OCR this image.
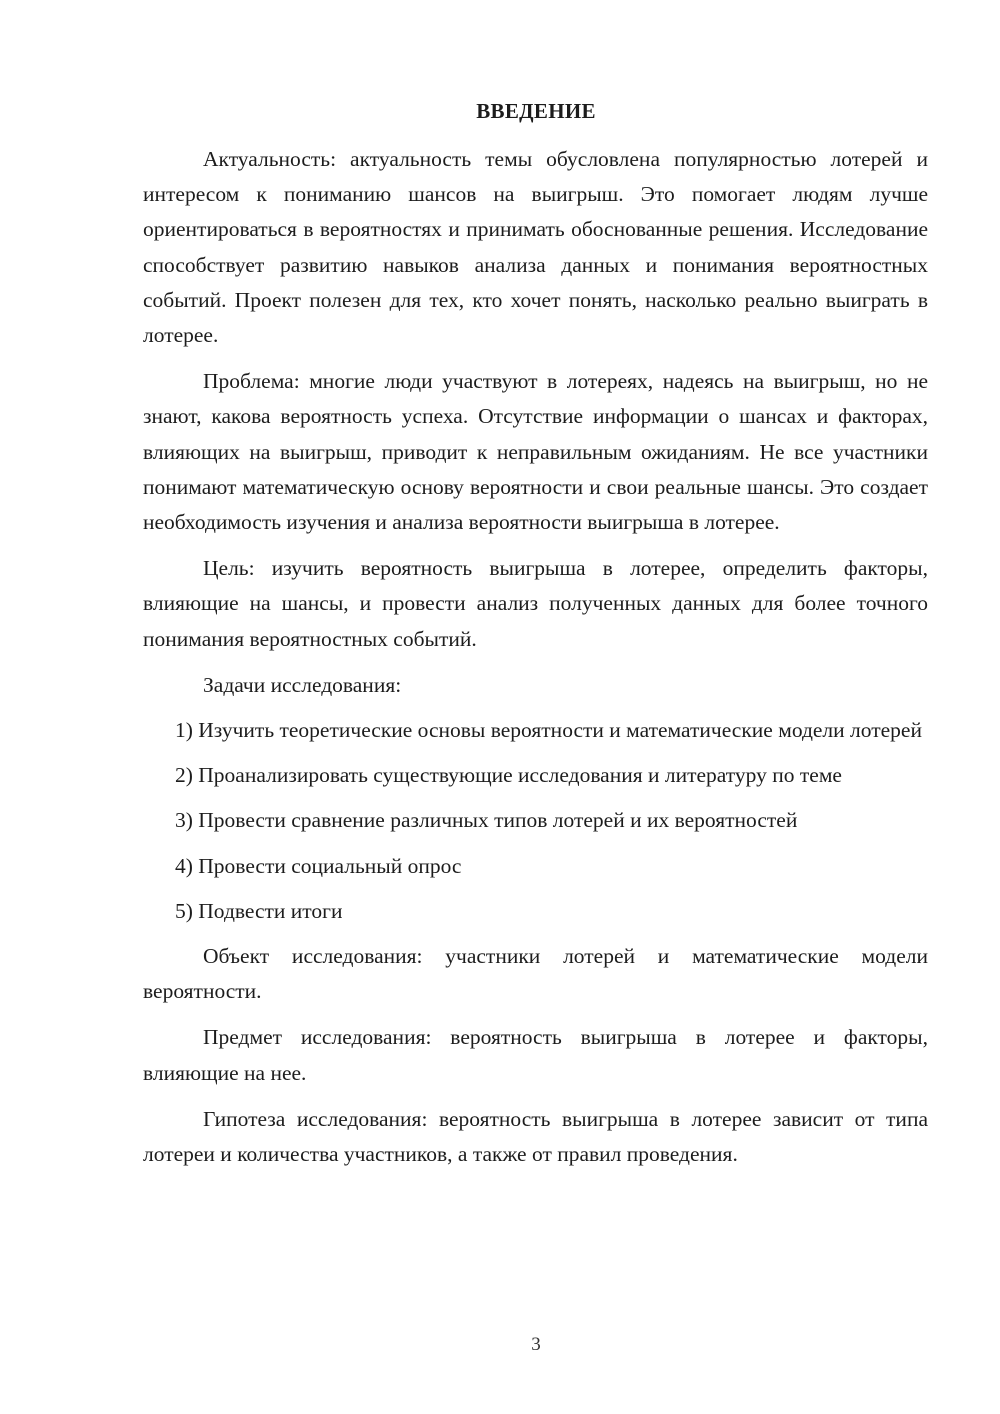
ВВЕДЕНИЕ

Актуальность: актуальность темы обусловлена популярностью лотерей и интересом к пониманию шансов на выигрыш. Это помогает людям лучше ориентироваться в вероятностях и принимать обоснованные решения. Исследование способствует развитию навыков анализа данных и понимания вероятностных событий. Проект полезен для тех, кто хочет понять, насколько реально выиграть в лотерее.

Проблема: многие люди участвуют в лотереях, надеясь на выигрыш, но не знают, какова вероятность успеха. Отсутствие информации о шансах и факторах, влияющих на выигрыш, приводит к неправильным ожиданиям. Не все участники понимают математическую основу вероятности и свои реальные шансы. Это создает необходимость изучения и анализа вероятности выигрыша в лотерее.

Цель: изучить вероятность выигрыша в лотерее, определить факторы, влияющие на шансы, и провести анализ полученных данных для более точного понимания вероятностных событий.

Задачи исследования:

1) Изучить теоретические основы вероятности и математические модели лотерей

2) Проанализировать существующие исследования и литературу по теме

3) Провести сравнение различных типов лотерей и их вероятностей

4) Провести социальный опрос

5) Подвести итоги

Объект исследования: участники лотерей и математические модели вероятности.

Предмет исследования: вероятность выигрыша в лотерее и факторы, влияющие на нее.

Гипотеза исследования: вероятность выигрыша в лотерее зависит от типа лотереи и количества участников, а также от правил проведения.

3
